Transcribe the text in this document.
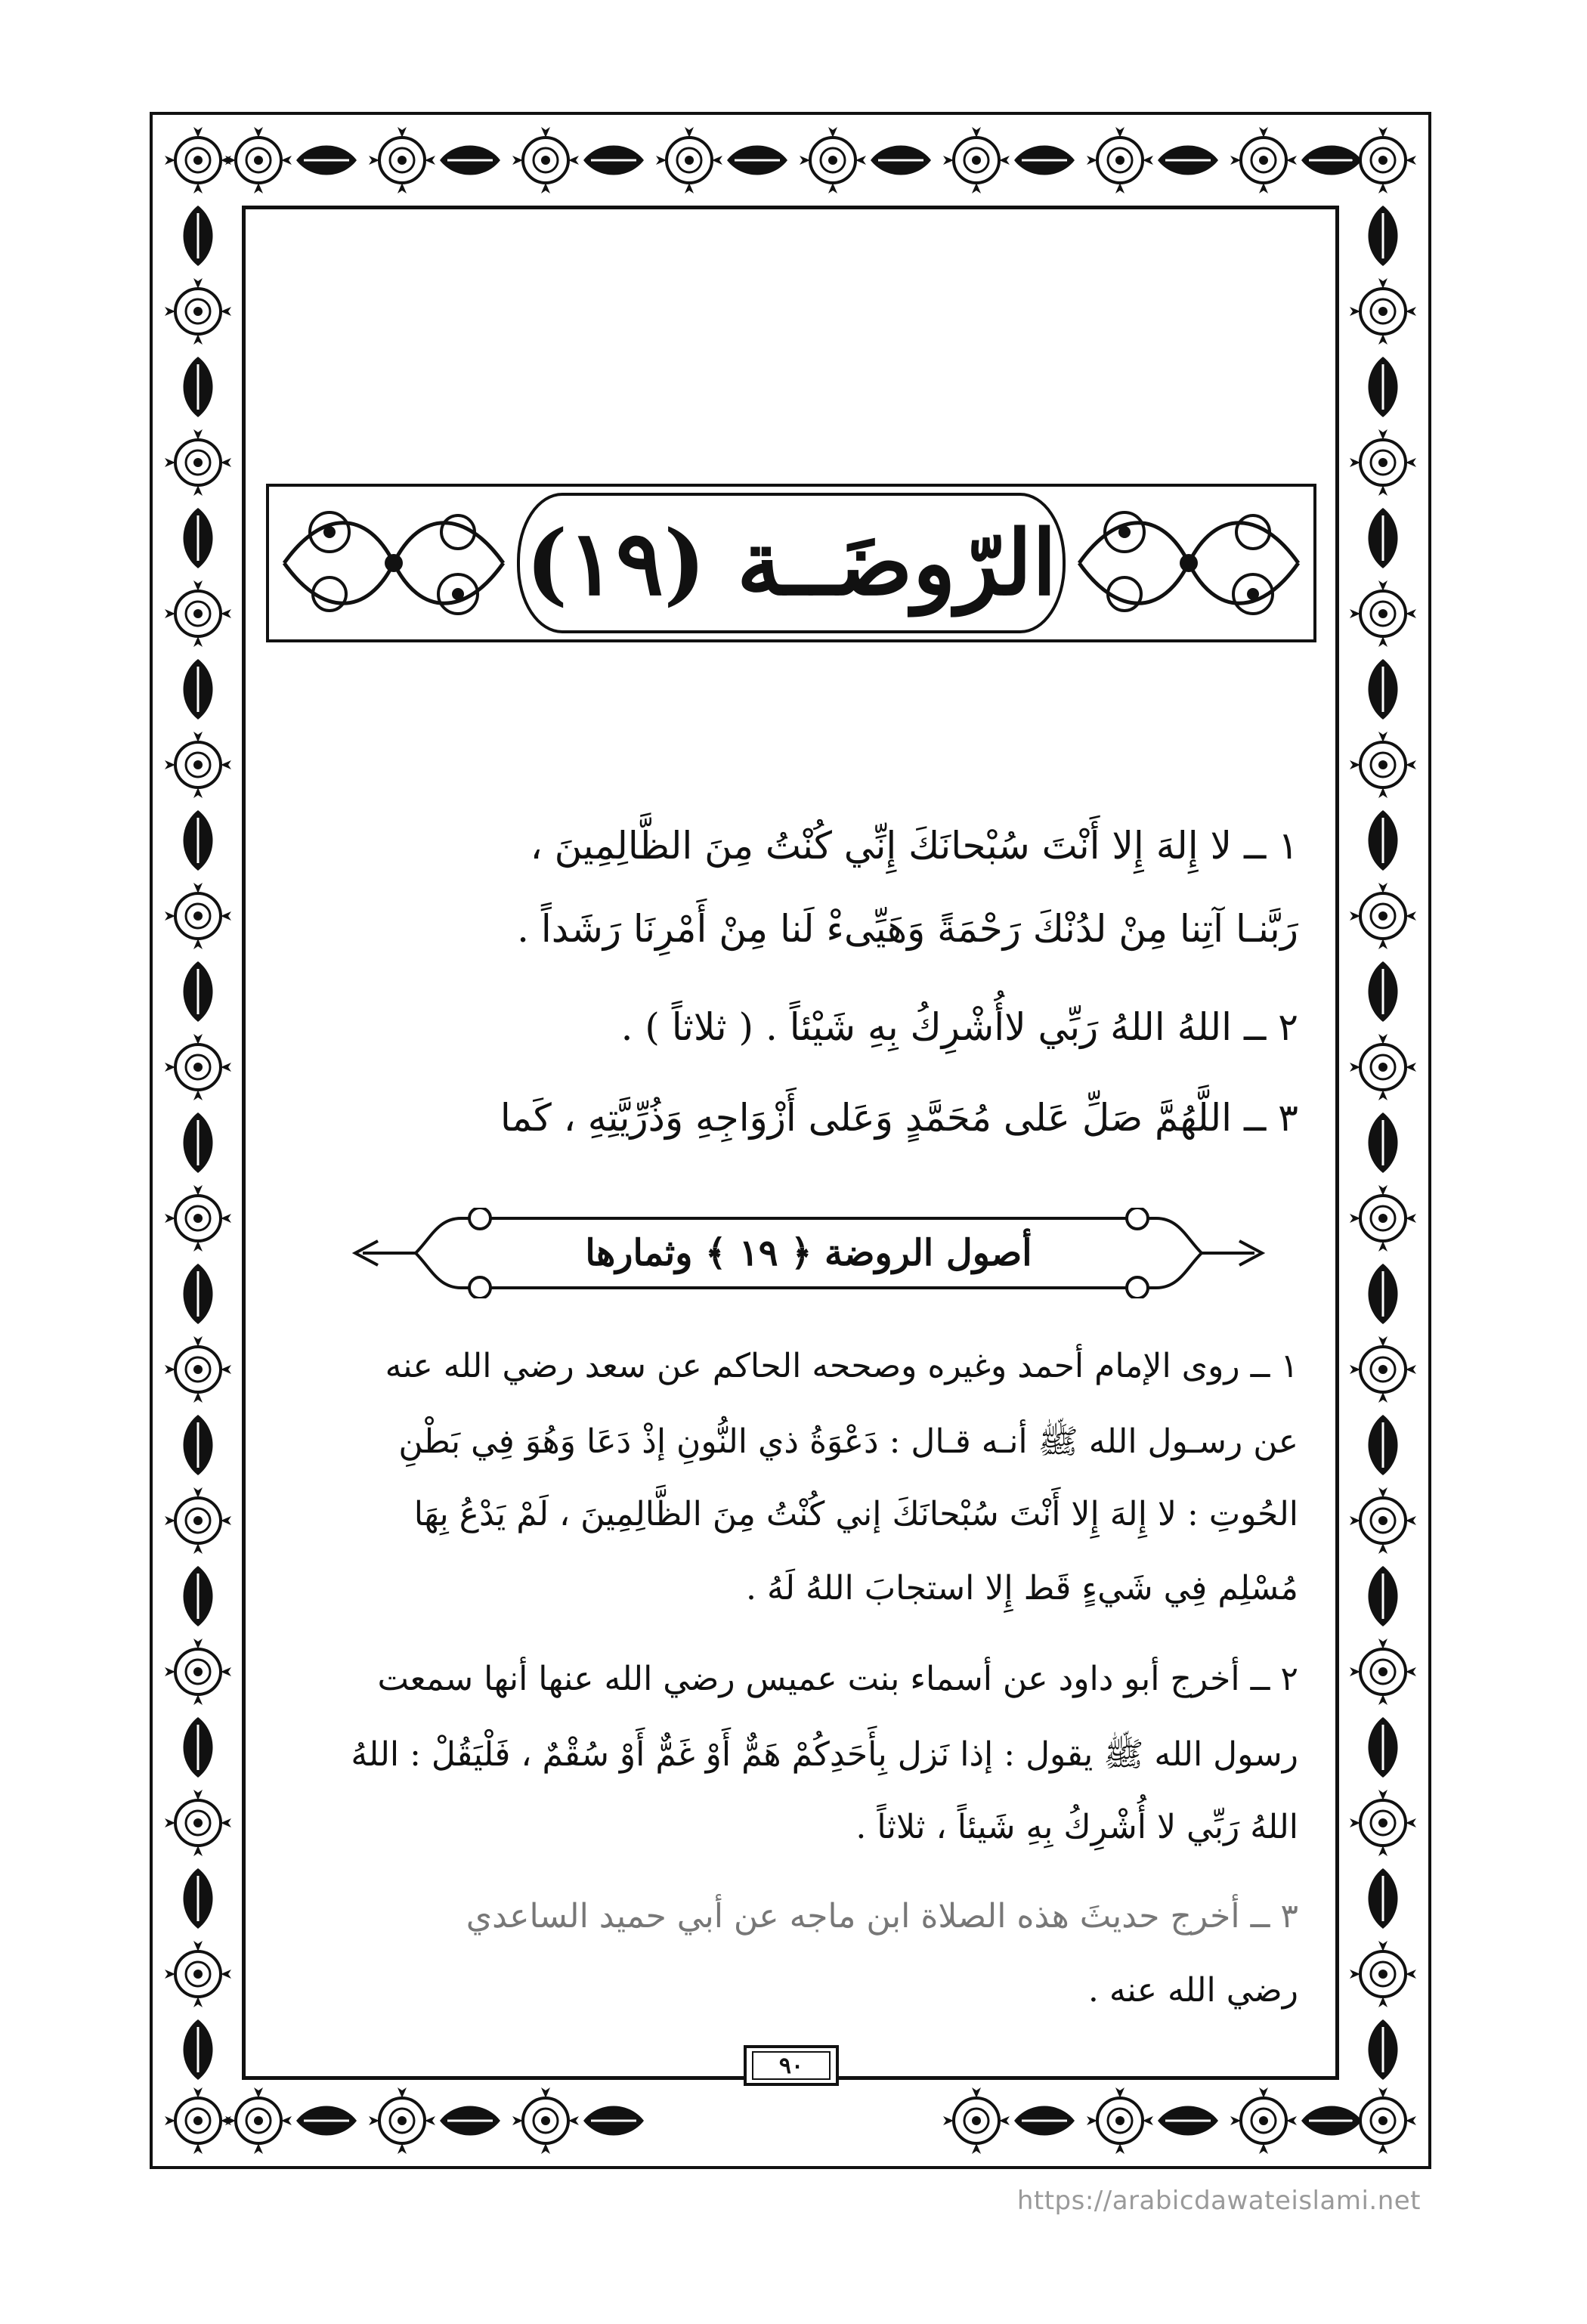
الرّوضَــة (١٩)
١ ــ لا إِلهَ إِلا أَنْتَ سُبْحانَكَ إِنِّي كُنْتُ مِنَ الظَّالِمِينَ ،
رَبَّنـا آتِنا مِنْ لدُنْكَ رَحْمَةً وَهَيِّىءْ لَنا مِنْ أَمْرِنَا رَشَداً .
٢ ــ اللهُ اللهُ رَبِّي لاأُشْرِكُ بِهِ شَيْئاً . ( ثلاثاً ) .
٣ ــ اللَّهُمَّ صَلِّ عَلى مُحَمَّدٍ وَعَلى أَزْوَاجِهِ وَذُرِّيَّتِهِ ، كَما
أصول الروضة ﴿ ١٩ ﴾ وثمارها
١ ــ روى الإمام أحمد وغيره وصححه الحاكم عن سعد رضي الله عنه
عن رسـول الله ﷺ أنـه قـال : دَعْوَةُ ذي النُّونِ إذْ دَعَا وَهُوَ فِي بَطْنِ
الحُوتِ : لا إِلهَ إِلا أَنْتَ سُبْحانَكَ إني كُنْتُ مِنَ الظَّالِمِينَ ، لَمْ يَدْعُ بِهَا
مُسْلِم فِي شَيءٍ قَط إِلا استجابَ اللهُ لَهُ .
٢ ــ أخرج أبو داود عن أسماء بنت عميس رضي الله عنها أنها سمعت
رسول الله ﷺ يقول : إذا نَزل بِأَحَدِكُمْ هَمٌّ أَوْ غَمٌّ أَوْ سُقْمٌ ، فَلْيَقُلْ : اللهُ
اللهُ رَبِّي لا أُشْرِكُ بِهِ شَيئاً ، ثلاثاً .
٣ ــ أخرج حديثَ هذه الصلاة ابن ماجه عن أبي حميد الساعدي
رضي الله عنه .
٩٠
https://arabicdawateislami.net
